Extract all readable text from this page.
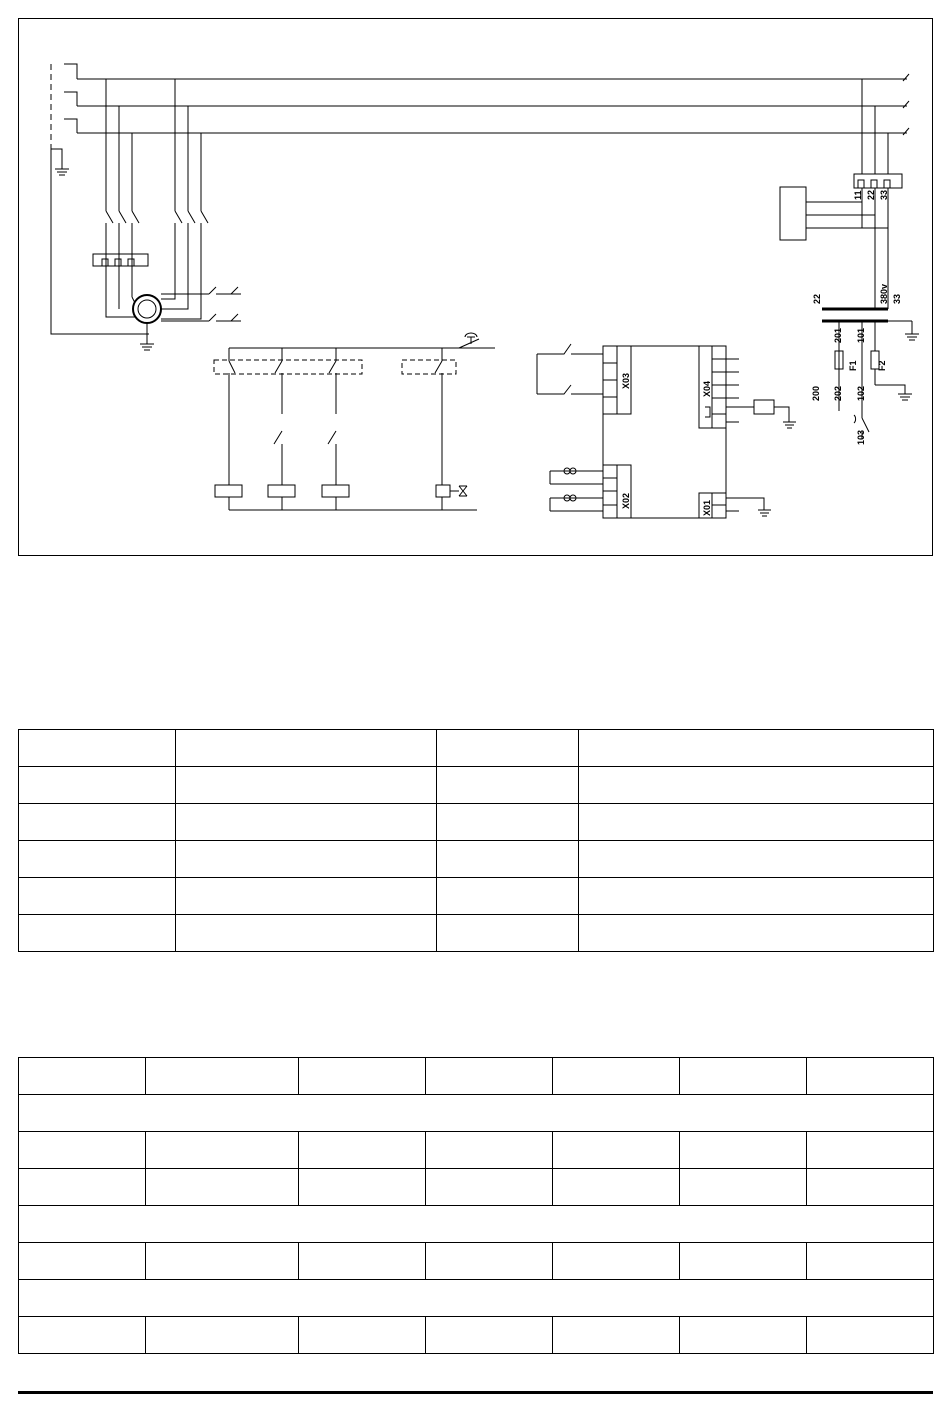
11 22 33
380v
22	33
201 101
F1 F2
200 202 102
103
X03
X02
X04
X01
